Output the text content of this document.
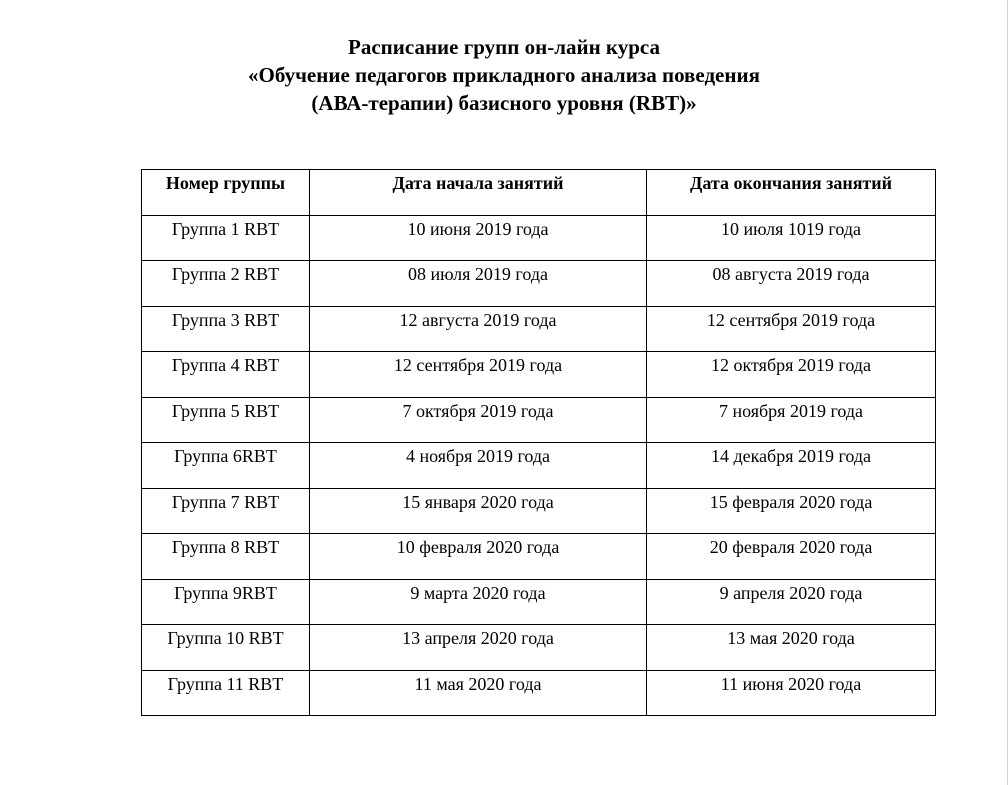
Расписание групп он-лайн курса
«Обучение педагогов прикладного анализа поведения
(АВА-терапии) базисного уровня (RBT)»
Номер группы	Дата начала занятий	Дата окончания занятий
Группа 1 RBT	10 июня 2019 года	10 июля 1019 года
Группа 2 RBT	08 июля 2019 года	08 августа 2019 года
Группа 3 RBT	12 августа 2019 года	12 сентября 2019 года
Группа 4 RBT	12 сентября 2019 года	12 октября 2019 года
Группа 5 RBT	7 октября 2019 года	7 ноября 2019 года
Группа 6RBT	4 ноября 2019 года	14 декабря 2019 года
Группа 7 RBT	15 января 2020 года	15 февраля 2020 года
Группа 8 RBT	10 февраля 2020 года	20 февраля 2020 года
Группа 9RBT	9 марта 2020 года	9 апреля 2020 года
Группа 10 RBT	13 апреля 2020 года	13 мая 2020 года
Группа 11 RBT	11 мая 2020 года	11 июня 2020 года
